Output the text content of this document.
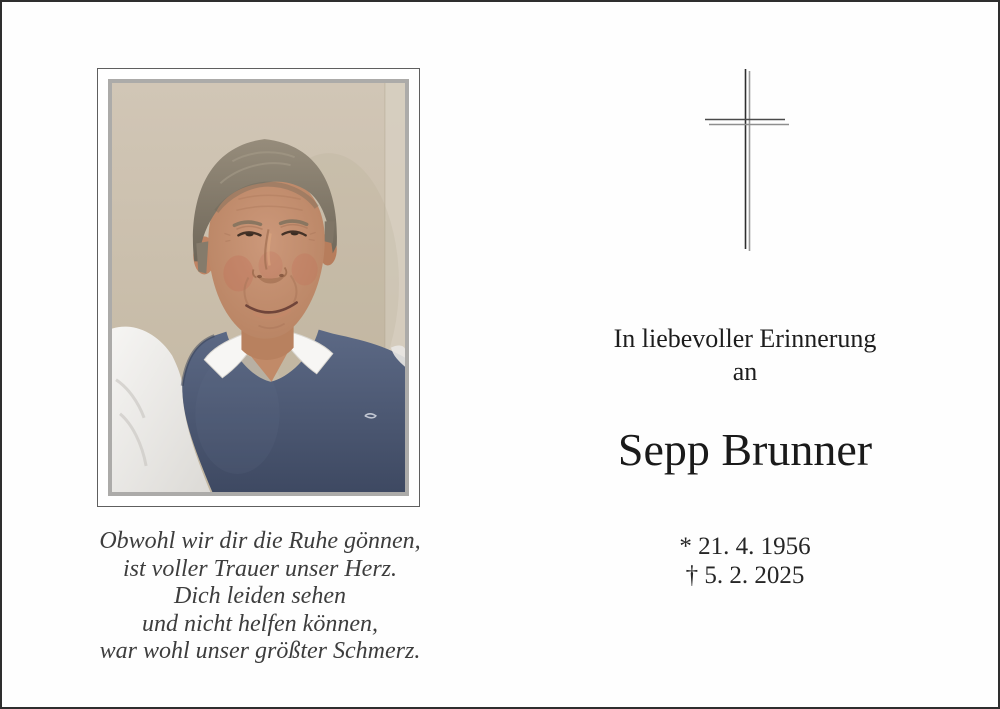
Obwohl wir dir die Ruhe gönnen,
ist voller Trauer unser Herz.
Dich leiden sehen
und nicht helfen können,
war wohl unser größter Schmerz.
In liebevoller Erinnerung
an
Sepp Brunner
* 21. 4. 1956
† 5. 2. 2025
